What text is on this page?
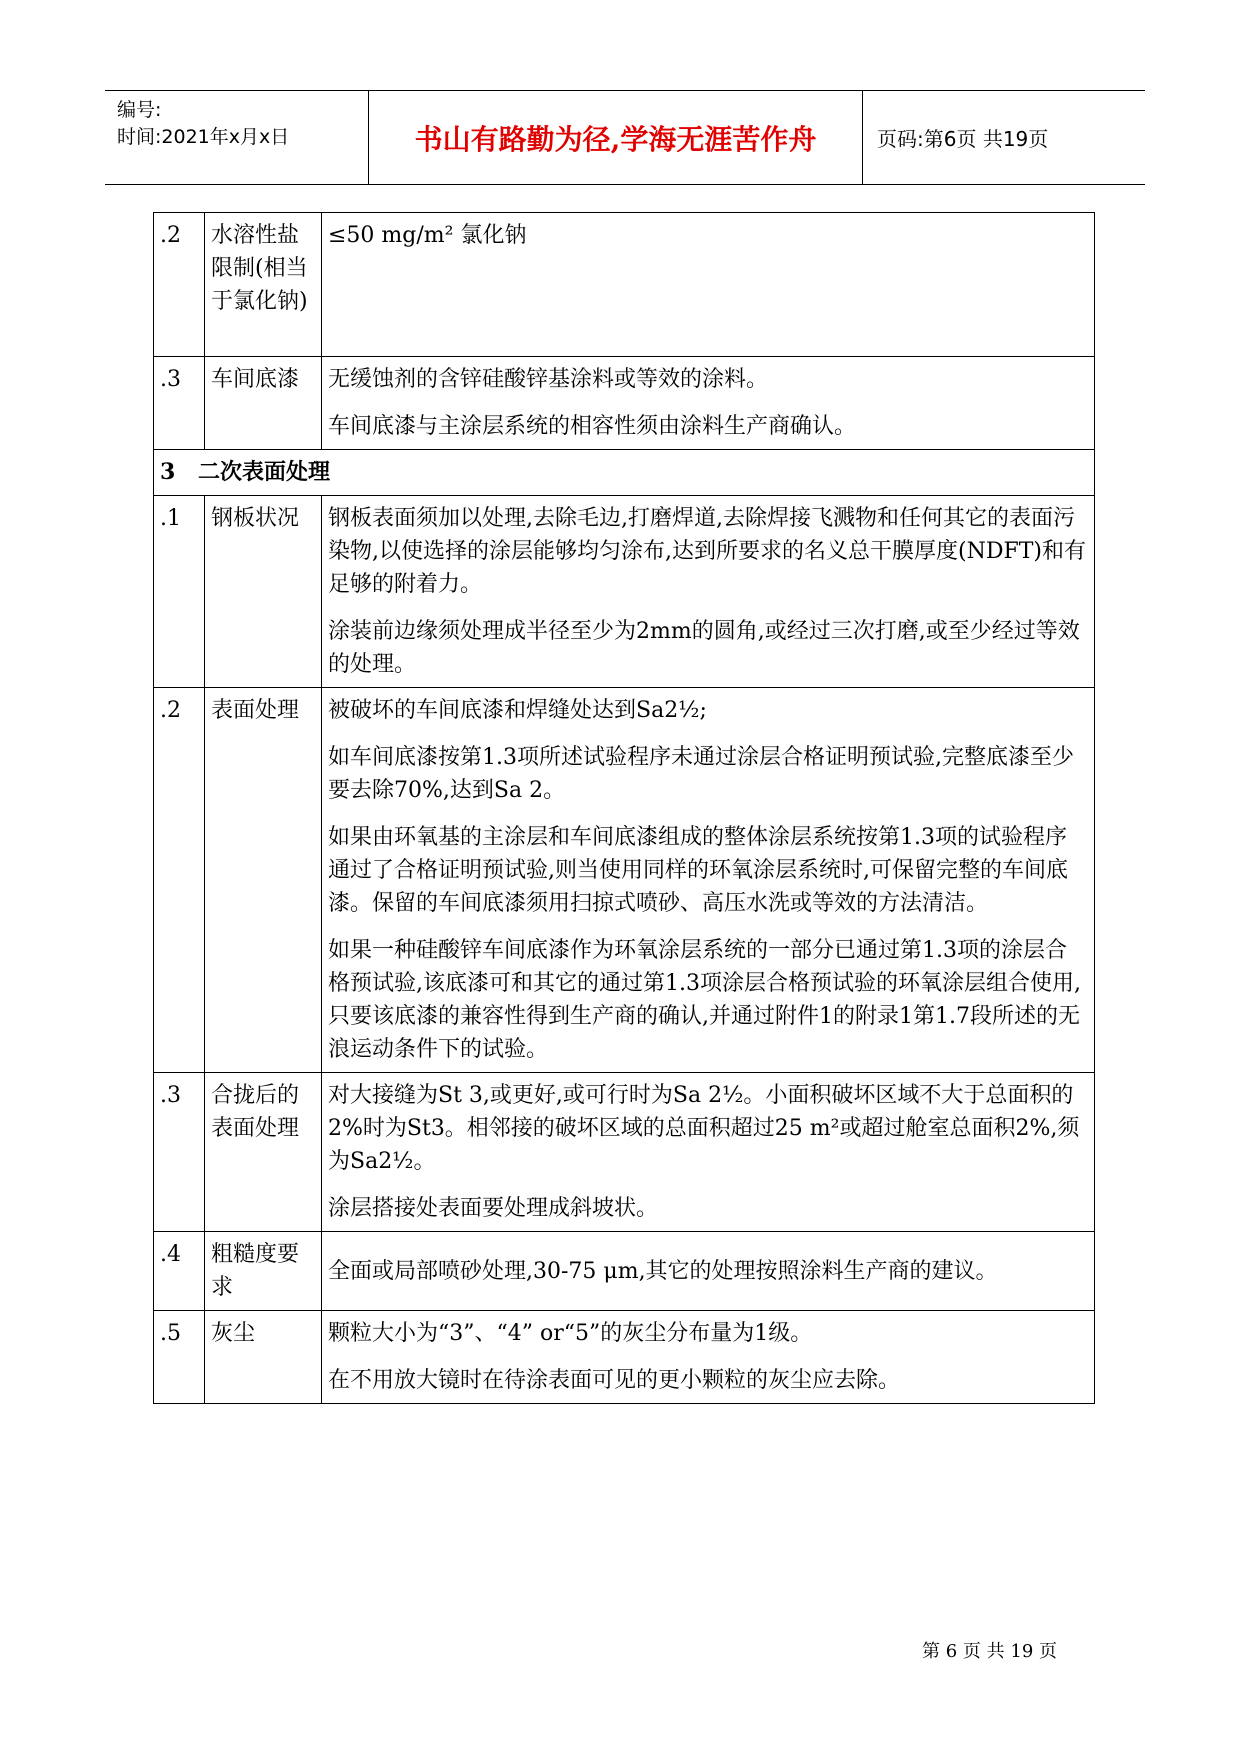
编号:
时间:2021年x月x日	书山有路勤为径,学海无涯苦作舟	页码:第6页 共19页
.2	水溶性盐限制(相当于氯化钠)	≤50 mg/m² 氯化钠

.3	车间底漆	无缓蚀剂的含锌硅酸锌基涂料或等效的涂料。

车间底漆与主涂层系统的相容性须由涂料生产商确认。

3 二次表面处理		
.1	钢板状况	钢板表面须加以处理,去除毛边,打磨焊道,去除焊接飞溅物和任何其它的表面污染物,以使选择的涂层能够均匀涂布,达到所要求的名义总干膜厚度(NDFT)和有足够的附着力。

涂装前边缘须处理成半径至少为2mm的圆角,或经过三次打磨,或至少经过等效的处理。

.2	表面处理	被破坏的车间底漆和焊缝处达到Sa2½;

如车间底漆按第1.3项所述试验程序未通过涂层合格证明预试验,完整底漆至少要去除70%,达到Sa 2。

如果由环氧基的主涂层和车间底漆组成的整体涂层系统按第1.3项的试验程序通过了合格证明预试验,则当使用同样的环氧涂层系统时,可保留完整的车间底漆。保留的车间底漆须用扫掠式喷砂、高压水洗或等效的方法清洁。

如果一种硅酸锌车间底漆作为环氧涂层系统的一部分已通过第1.3项的涂层合格预试验,该底漆可和其它的通过第1.3项涂层合格预试验的环氧涂层组合使用,只要该底漆的兼容性得到生产商的确认,并通过附件1的附录1第1.7段所述的无浪运动条件下的试验。

.3	合拢后的表面处理	对大接缝为St 3,或更好,或可行时为Sa 2½。小面积破坏区域不大于总面积的2%时为St3。相邻接的破坏区域的总面积超过25 m²或超过舱室总面积2%,须为Sa2½。

涂层搭接处表面要处理成斜坡状。

.4	粗糙度要求	全面或局部喷砂处理,30-75 μm,其它的处理按照涂料生产商的建议。

.5	灰尘	颗粒大小为“3”、“4” or“5”的灰尘分布量为1级。

在不用放大镜时在待涂表面可见的更小颗粒的灰尘应去除。

第 6 页 共 19 页
